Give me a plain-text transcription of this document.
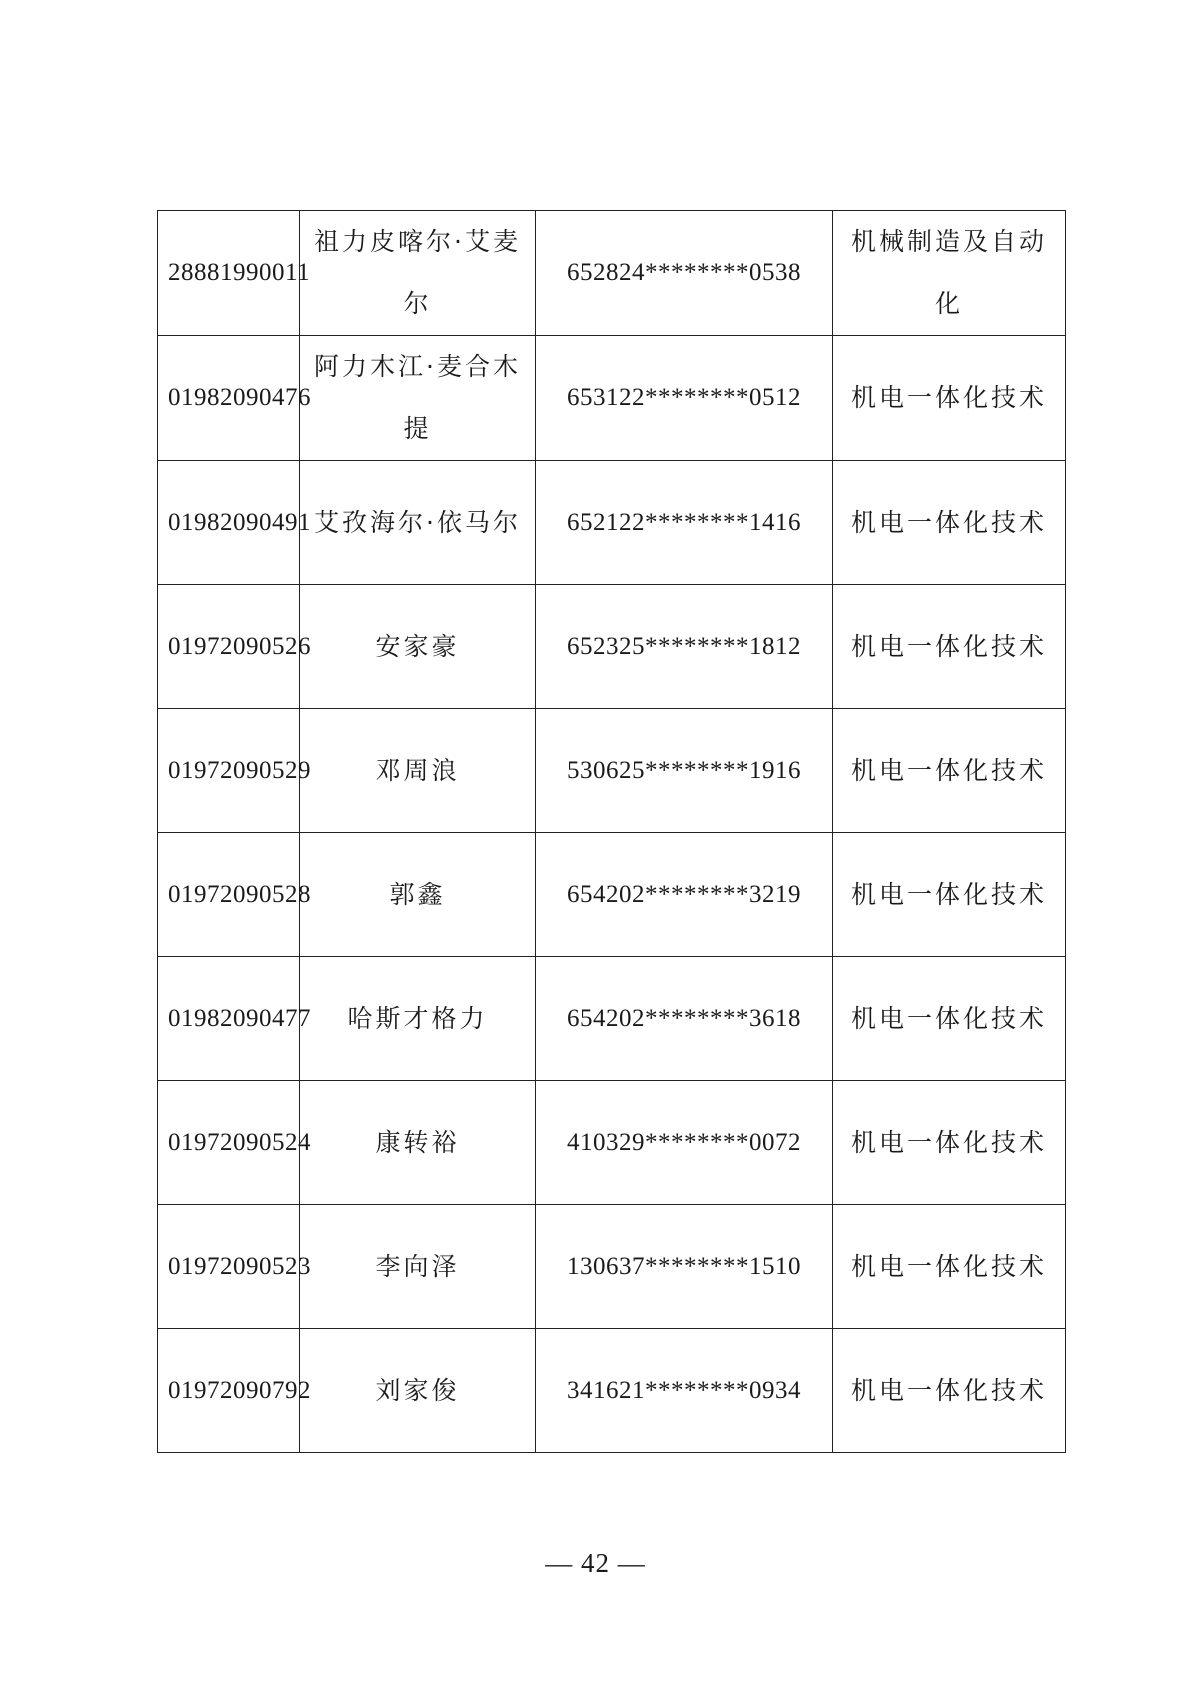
28881990011	祖力皮喀尔·艾麦尔	652824********0538	机械制造及自动化
01982090476	阿力木江·麦合木提	653122********0512	机电一体化技术
01982090491	艾孜海尔·依马尔	652122********1416	机电一体化技术
01972090526	安家豪	652325********1812	机电一体化技术
01972090529	邓周浪	530625********1916	机电一体化技术
01972090528	郭鑫	654202********3219	机电一体化技术
01982090477	哈斯才格力	654202********3618	机电一体化技术
01972090524	康转裕	410329********0072	机电一体化技术
01972090523	李向泽	130637********1510	机电一体化技术
01972090792	刘家俊	341621********0934	机电一体化技术
— 42 —
